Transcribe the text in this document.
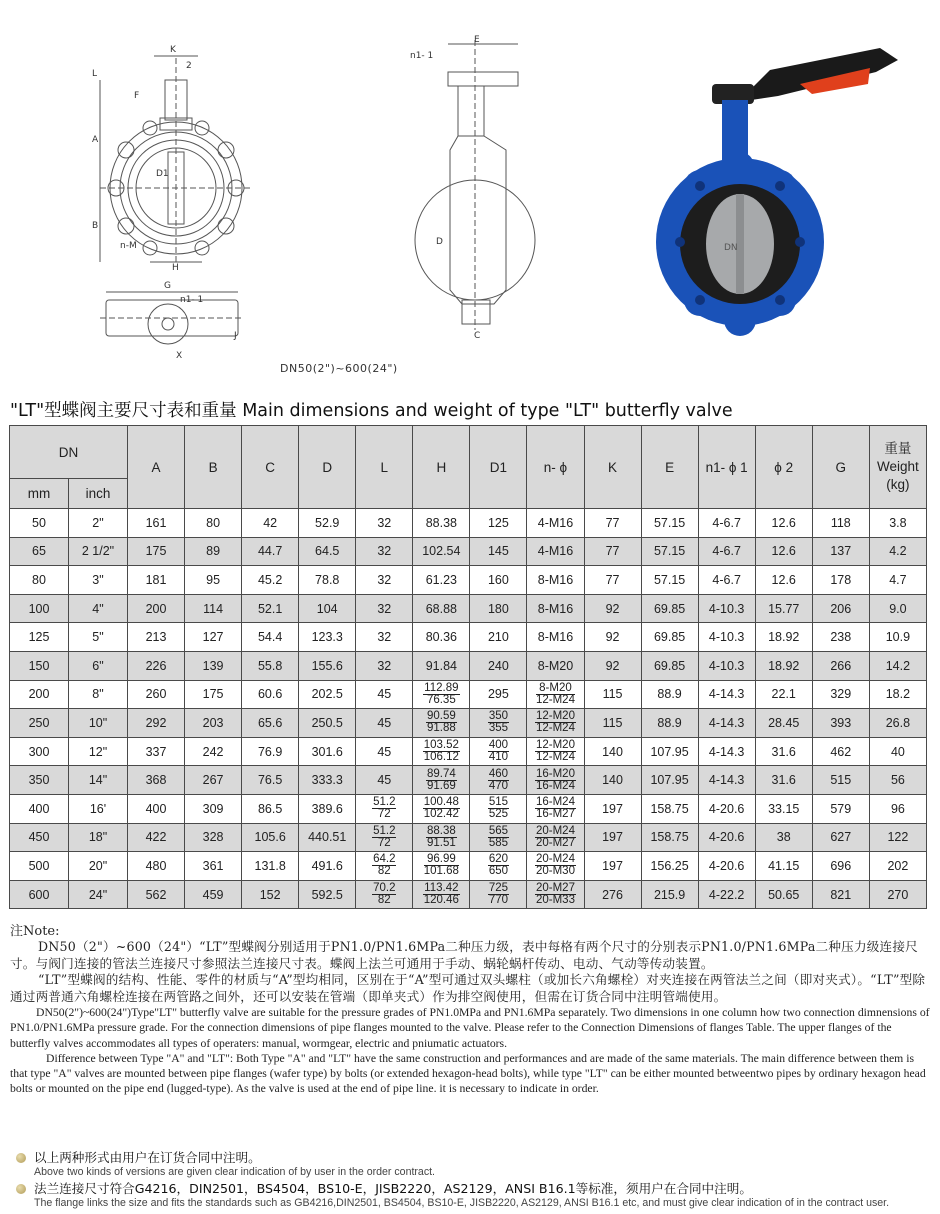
K
2
L
F
A
D1
B
n-M
H
G
n1- 1
X
J
E
n1- 1
D
C
DN
DN50(2")~600(24")
"LT"型蝶阀主要尺寸表和重量 Main dimensions and weight of type "LT" butterfly valve
DN		A	B	C	D	L	H	D1	n- ϕ	K	E	n1- ϕ 1	ϕ 2	G	重量
Weight
(kg)
mm	inch														
50	2"	161	80	42	52.9	32	88.38	125	4-M16	77	57.15	4-6.7	12.6	118	3.8
65	2 1/2"	175	89	44.7	64.5	32	102.54	145	4-M16	77	57.15	4-6.7	12.6	137	4.2
80	3"	181	95	45.2	78.8	32	61.23	160	8-M16	77	57.15	4-6.7	12.6	178	4.7
100	4"	200	114	52.1	104	32	68.88	180	8-M16	92	69.85	4-10.3	15.77	206	9.0
125	5"	213	127	54.4	123.3	32	80.36	210	8-M16	92	69.85	4-10.3	18.92	238	10.9
150	6"	226	139	55.8	155.6	32	91.84	240	8-M20	92	69.85	4-10.3	18.92	266	14.2
200	8"	260	175	60.6	202.5	45	$\frac{112.89}{76.35}$	295	$\frac{8-M20}{12-M24}$	115	88.9	4-14.3	22.1	329	18.2
250	10"	292	203	65.6	250.5	45	$\frac{90.59}{91.88}$	$\frac{350}{355}$	$\frac{12-M20}{12-M24}$	115	88.9	4-14.3	28.45	393	26.8
300	12"	337	242	76.9	301.6	45	$\frac{103.52}{106.12}$	$\frac{400}{410}$	$\frac{12-M20}{12-M24}$	140	107.95	4-14.3	31.6	462	40
350	14"	368	267	76.5	333.3	45	$\frac{89.74}{91.69}$	$\frac{460}{470}$	$\frac{16-M20}{16-M24}$	140	107.95	4-14.3	31.6	515	56
400	16'	400	309	86.5	389.6	$\frac{51.2}{72}$	$\frac{100.48}{102.42}$	$\frac{515}{525}$	$\frac{16-M24}{16-M27}$	197	158.75	4-20.6	33.15	579	96
450	18"	422	328	105.6	440.51	$\frac{51.2}{72}$	$\frac{88.38}{91.51}$	$\frac{565}{585}$	$\frac{20-M24}{20-M27}$	197	158.75	4-20.6	38	627	122
500	20"	480	361	131.8	491.6	$\frac{64.2}{82}$	$\frac{96.99}{101.68}$	$\frac{620}{650}$	$\frac{20-M24}{20-M30}$	197	156.25	4-20.6	41.15	696	202
600	24"	562	459	152	592.5	$\frac{70.2}{82}$	$\frac{113.42}{120.46}$	$\frac{725}{770}$	$\frac{20-M27}{20-M33}$	276	215.9	4-22.2	50.65	821	270
注Note:

DN50（2"）~600（24"）“LT”型蝶阀分别适用于PN1.0/PN1.6MPa二种压力级，表中每格有两个尺寸的分别表示PN1.0/PN1.6MPa二种压力级连接尺寸。与阀门连接的管法兰连接尺寸参照法兰连接尺寸表。蝶阀上法兰可通用于手动、蜗轮蜗杆传动、电动、气动等传动装置。

“LT”型蝶阀的结构、性能、零件的材质与“A”型均相同，区别在于“A”型可通过双头螺柱（或加长六角螺栓）对夹连接在两管法兰之间（即对夹式）。“LT”型除通过两普通六角螺栓连接在两管路之间外，还可以安装在管端（即单夹式）作为排空阀使用，但需在订货合同中注明管端使用。

DN50(2")~600(24")Type"LT" butterfly valve are suitable for the pressure grades of PN1.0MPa and PN1.6MPa separately. Two dimensions in one column how two connection dimnensions of PN1.0/PN1.6MPa pressure grade. For the connection dimensions of pipe flanges mounted to the valve. Please refer to the Connection Dimensions of flanges Table. The upper flanges of the butterfly valves accommodates all types of operaters: manual, wormgear, electric and pniumatic actuators.

Difference between Type "A" and "LT": Both Type "A" and "LT" have the same construction and performances and are made of the same materials. The main difference between them is that type "A" valves are mounted between pipe flanges (wafer type) by bolts (or extended hexagon-head bolts), while type "LT" can be either mounted betweentwo pipes by ordinary hexagon head bolts or mounted on the pipe end (lugged-type). As the valve is used at the end of pipe line. it is necessary to indicate in order.

以上两种形式由用户在订货合同中注明。
Above two kinds of versions are given clear indication of by user in the order contract.
法兰连接尺寸符合G4216，DIN2501，BS4504，BS10-E，JISB2220，AS2129，ANSI B16.1等标准，须用户在合同中注明。
The flange links the size and fits the standards such as GB4216,DIN2501, BS4504, BS10-E, JISB2220, AS2129, ANSI B16.1 etc, and must give clear indication of in the contract user.
